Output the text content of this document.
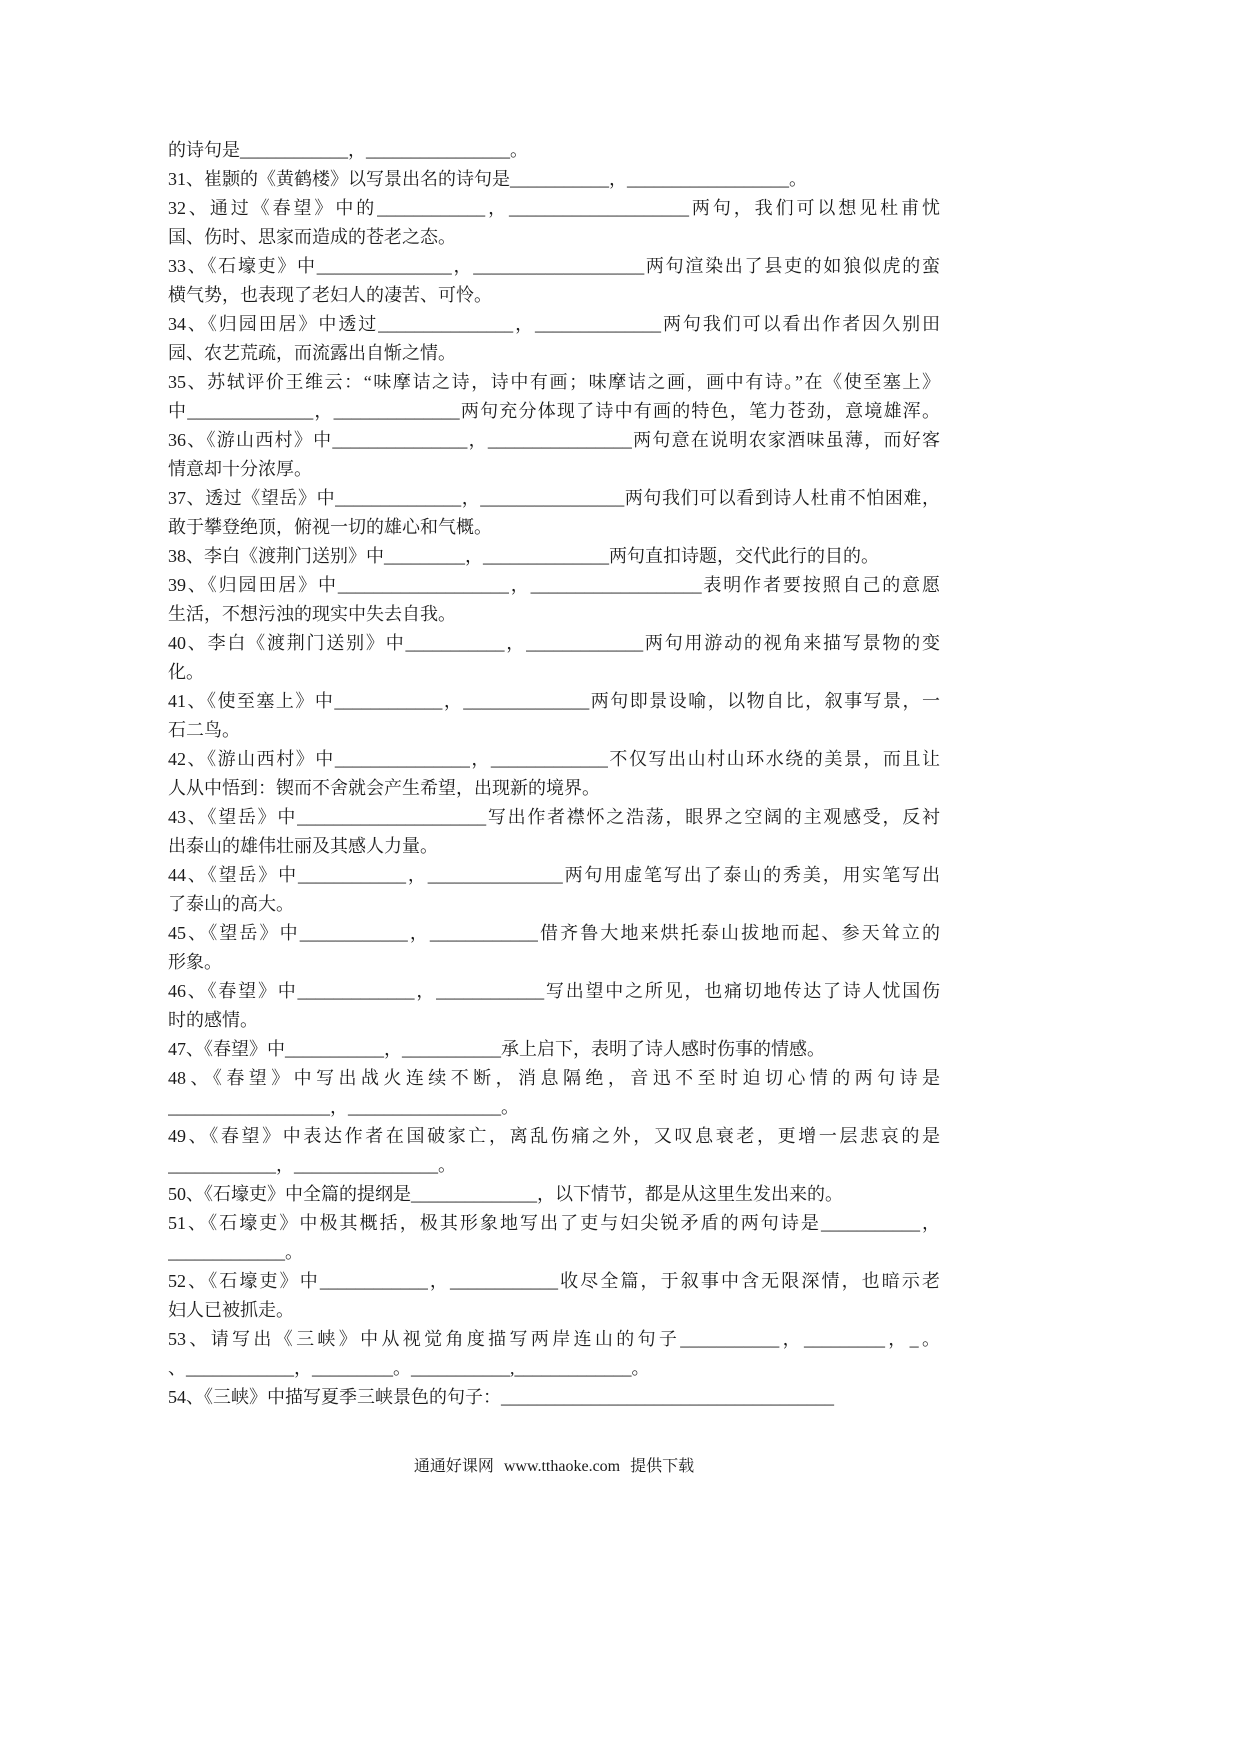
的诗句是____________，________________。
31、崔颢的《黄鹤楼》以写景出名的诗句是___________，__________________。
32、通过《春望》中的____________，____________________两句，我们可以想见杜甫忧
国、伤时、思家而造成的苍老之态。
33、《石壕吏》中_______________，___________________两句渲染出了县吏的如狼似虎的蛮
横气势，也表现了老妇人的凄苦、可怜。
34、《归园田居》中透过_______________，______________两句我们可以看出作者因久别田
园、农艺荒疏，而流露出自惭之情。
35、苏轼评价王维云：“味摩诘之诗，诗中有画；味摩诘之画，画中有诗。”在《使至塞上》
中______________，______________两句充分体现了诗中有画的特色，笔力苍劲，意境雄浑。
36、《游山西村》中_______________，________________两句意在说明农家酒味虽薄，而好客
情意却十分浓厚。
37、透过《望岳》中______________，________________两句我们可以看到诗人杜甫不怕困难，
敢于攀登绝顶，俯视一切的雄心和气概。
38、李白《渡荆门送别》中_________，______________两句直扣诗题，交代此行的目的。
39、《归园田居》中___________________，___________________表明作者要按照自己的意愿
生活，不想污浊的现实中失去自我。
40、李白《渡荆门送别》中___________，_____________两句用游动的视角来描写景物的变
化。
41、《使至塞上》中____________，______________两句即景设喻，以物自比，叙事写景，一
石二鸟。
42、《游山西村》中_______________，_____________不仅写出山村山环水绕的美景，而且让
人从中悟到：锲而不舍就会产生希望，出现新的境界。
43、《望岳》中_____________________写出作者襟怀之浩荡，眼界之空阔的主观感受，反衬
出泰山的雄伟壮丽及其感人力量。
44、《望岳》中____________，_______________两句用虚笔写出了泰山的秀美，用实笔写出
了泰山的高大。
45、《望岳》中____________，____________借齐鲁大地来烘托泰山拔地而起、参天耸立的
形象。
46、《春望》中_____________，____________写出望中之所见，也痛切地传达了诗人忧国伤
时的感情。
47、《春望》中___________，___________承上启下，表明了诗人感时伤事的情感。
48、《春望》中写出战火连续不断，消息隔绝，音迅不至时迫切心情的两句诗是
__________________，_________________。
49、《春望》中表达作者在国破家亡，离乱伤痛之外，又叹息衰老，更增一层悲哀的是
____________，________________。
50、《石壕吏》中全篇的提纲是______________，以下情节，都是从这里生发出来的。
51、《石壕吏》中极其概括，极其形象地写出了吏与妇尖锐矛盾的两句诗是___________，
_____________。
52、《石壕吏》中____________，____________收尽全篇，于叙事中含无限深情，也暗示老
妇人已被抓走。
53、请写出《三峡》中从视觉角度描写两岸连山的句子___________，_________，_。
、____________，_________。___________,_____________。
54、《三峡》中描写夏季三峡景色的句子：_____________________________________
通通好课网 www.tthaoke.com 提供下载
